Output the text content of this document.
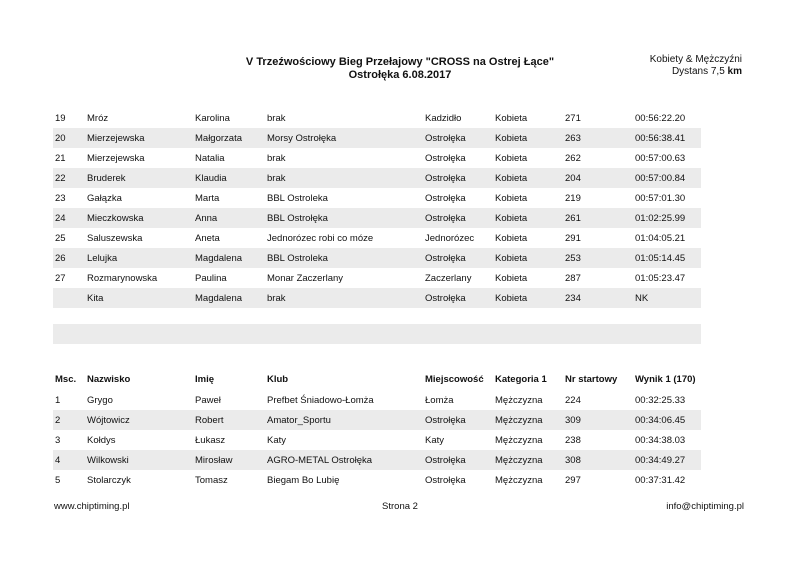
V Trzeźwościowy Bieg Przełajowy "CROSS na Ostrej Łące"
Ostrołęka 6.08.2017
Kobiety & Mężczyźni
Dystans 7,5 km
19	Mróz	Karolina	brak	Kadzidło	Kobieta	271	00:56:22.20
20	Mierzejewska	Małgorzata	Morsy Ostrołęka	Ostrołęka	Kobieta	263	00:56:38.41
21	Mierzejewska	Natalia	brak	Ostrołęka	Kobieta	262	00:57:00.63
22	Bruderek	Klaudia	brak	Ostrołęka	Kobieta	204	00:57:00.84
23	Gałązka	Marta	BBL Ostroleka	Ostrołęka	Kobieta	219	00:57:01.30
24	Mieczkowska	Anna	BBL Ostrołęka	Ostrołęka	Kobieta	261	01:02:25.99
25	Saluszewska	Aneta	Jednorózec robi co móze	Jednorózec	Kobieta	291	01:04:05.21
26	Lelujka	Magdalena	BBL Ostroleka	Ostrołęka	Kobieta	253	01:05:14.45
27	Rozmarynowska	Paulina	Monar Zaczerlany	Zaczerlany	Kobieta	287	01:05:23.47
	Kita	Magdalena	brak	Ostrołęka	Kobieta	234	NK
Msc.	Nazwisko	Imię	Klub	Miejscowość	Kategoria 1	Nr startowy	Wynik 1 (170)
1	Grygo	Paweł	Prefbet Śniadowo-Łomża	Łomża	Mężczyzna	224	00:32:25.33
2	Wójtowicz	Robert	Amator_Sportu	Ostrołęka	Mężczyzna	309	00:34:06.45
3	Kołdys	Łukasz	Katy	Katy	Mężczyzna	238	00:34:38.03
4	Wilkowski	Mirosław	AGRO-METAL Ostrołęka	Ostrołęka	Mężczyzna	308	00:34:49.27
5	Stolarczyk	Tomasz	Biegam Bo Lubię	Ostrołęka	Mężczyzna	297	00:37:31.42
www.chiptiming.pl	Strona 2	info@chiptiming.pl
